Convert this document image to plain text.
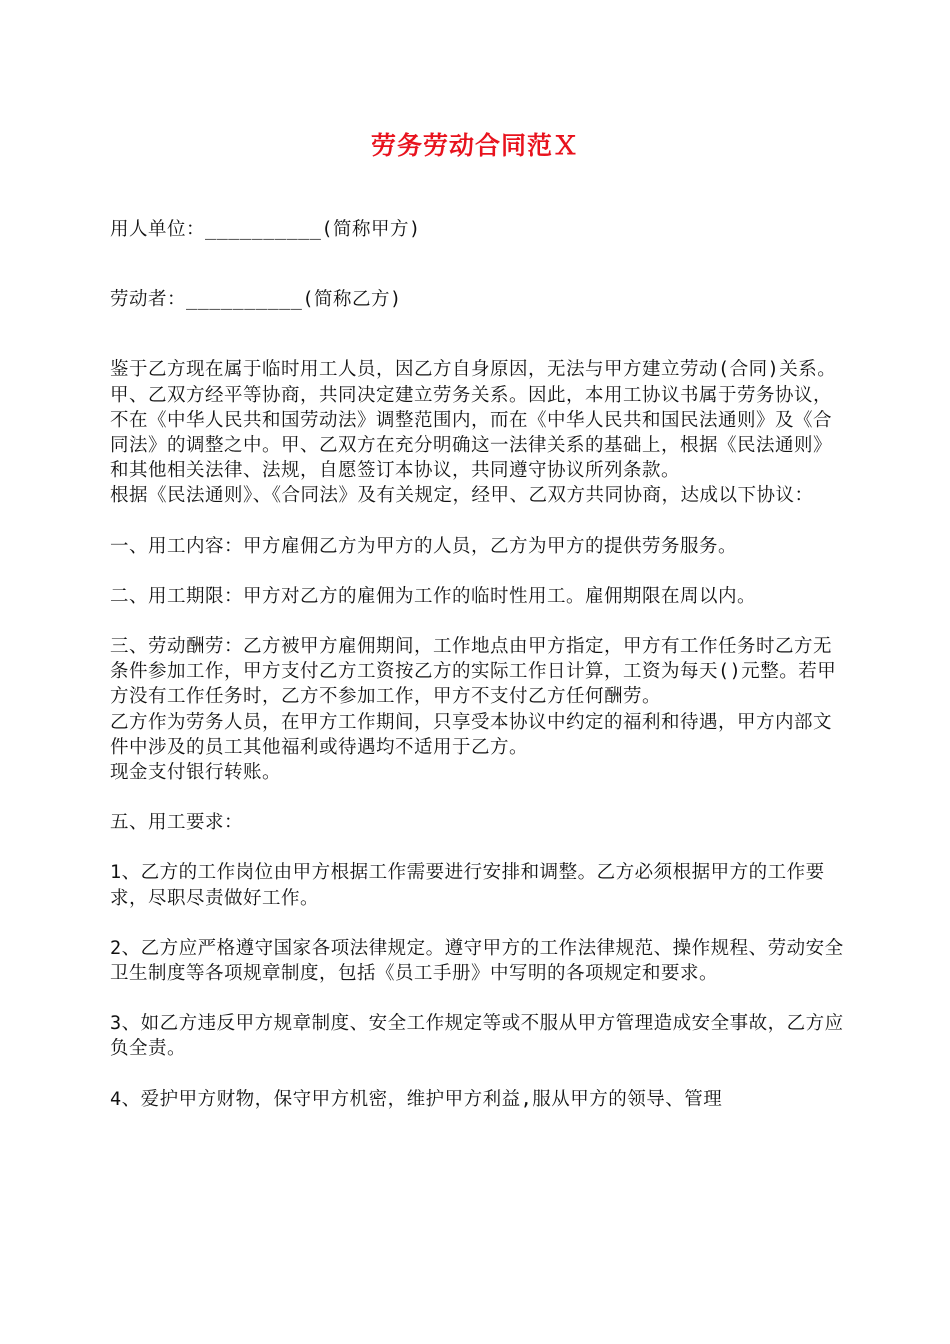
劳务劳动合同范Ｘ

用人单位：__________(简称甲方)

劳动者：__________(简称乙方)

鉴于乙方现在属于临时用工人员，因乙方自身原因，无法与甲方建立劳动(合同)关系。甲、乙双方经平等协商，共同决定建立劳务关系。因此，本用工协议书属于劳务协议，不在《中华人民共和国劳动法》调整范围内，而在《中华人民共和国民法通则》及《合同法》的调整之中。甲、乙双方在充分明确这一法律关系的基础上，根据《民法通则》和其他相关法律、法规，自愿签订本协议，共同遵守协议所列条款。

根据《民法通则》、《合同法》及有关规定，经甲、乙双方共同协商，达成以下协议：

一、用工内容：甲方雇佣乙方为甲方的人员，乙方为甲方的提供劳务服务。

二、用工期限：甲方对乙方的雇佣为工作的临时性用工。雇佣期限在周以内。

三、劳动酬劳：乙方被甲方雇佣期间，工作地点由甲方指定，甲方有工作任务时乙方无条件参加工作，甲方支付乙方工资按乙方的实际工作日计算，工资为每天()元整。若甲方没有工作任务时，乙方不参加工作，甲方不支付乙方任何酬劳。

乙方作为劳务人员，在甲方工作期间，只享受本协议中约定的福利和待遇，甲方内部文件中涉及的员工其他福利或待遇均不适用于乙方。

现金支付银行转账。

五、用工要求：

1、乙方的工作岗位由甲方根据工作需要进行安排和调整。乙方必须根据甲方的工作要求，尽职尽责做好工作。

2、乙方应严格遵守国家各项法律规定。遵守甲方的工作法律规范、操作规程、劳动安全卫生制度等各项规章制度，包括《员工手册》中写明的各项规定和要求。

3、如乙方违反甲方规章制度、安全工作规定等或不服从甲方管理造成安全事故，乙方应负全责。

4、爱护甲方财物，保守甲方机密，维护甲方利益,服从甲方的领导、管理
